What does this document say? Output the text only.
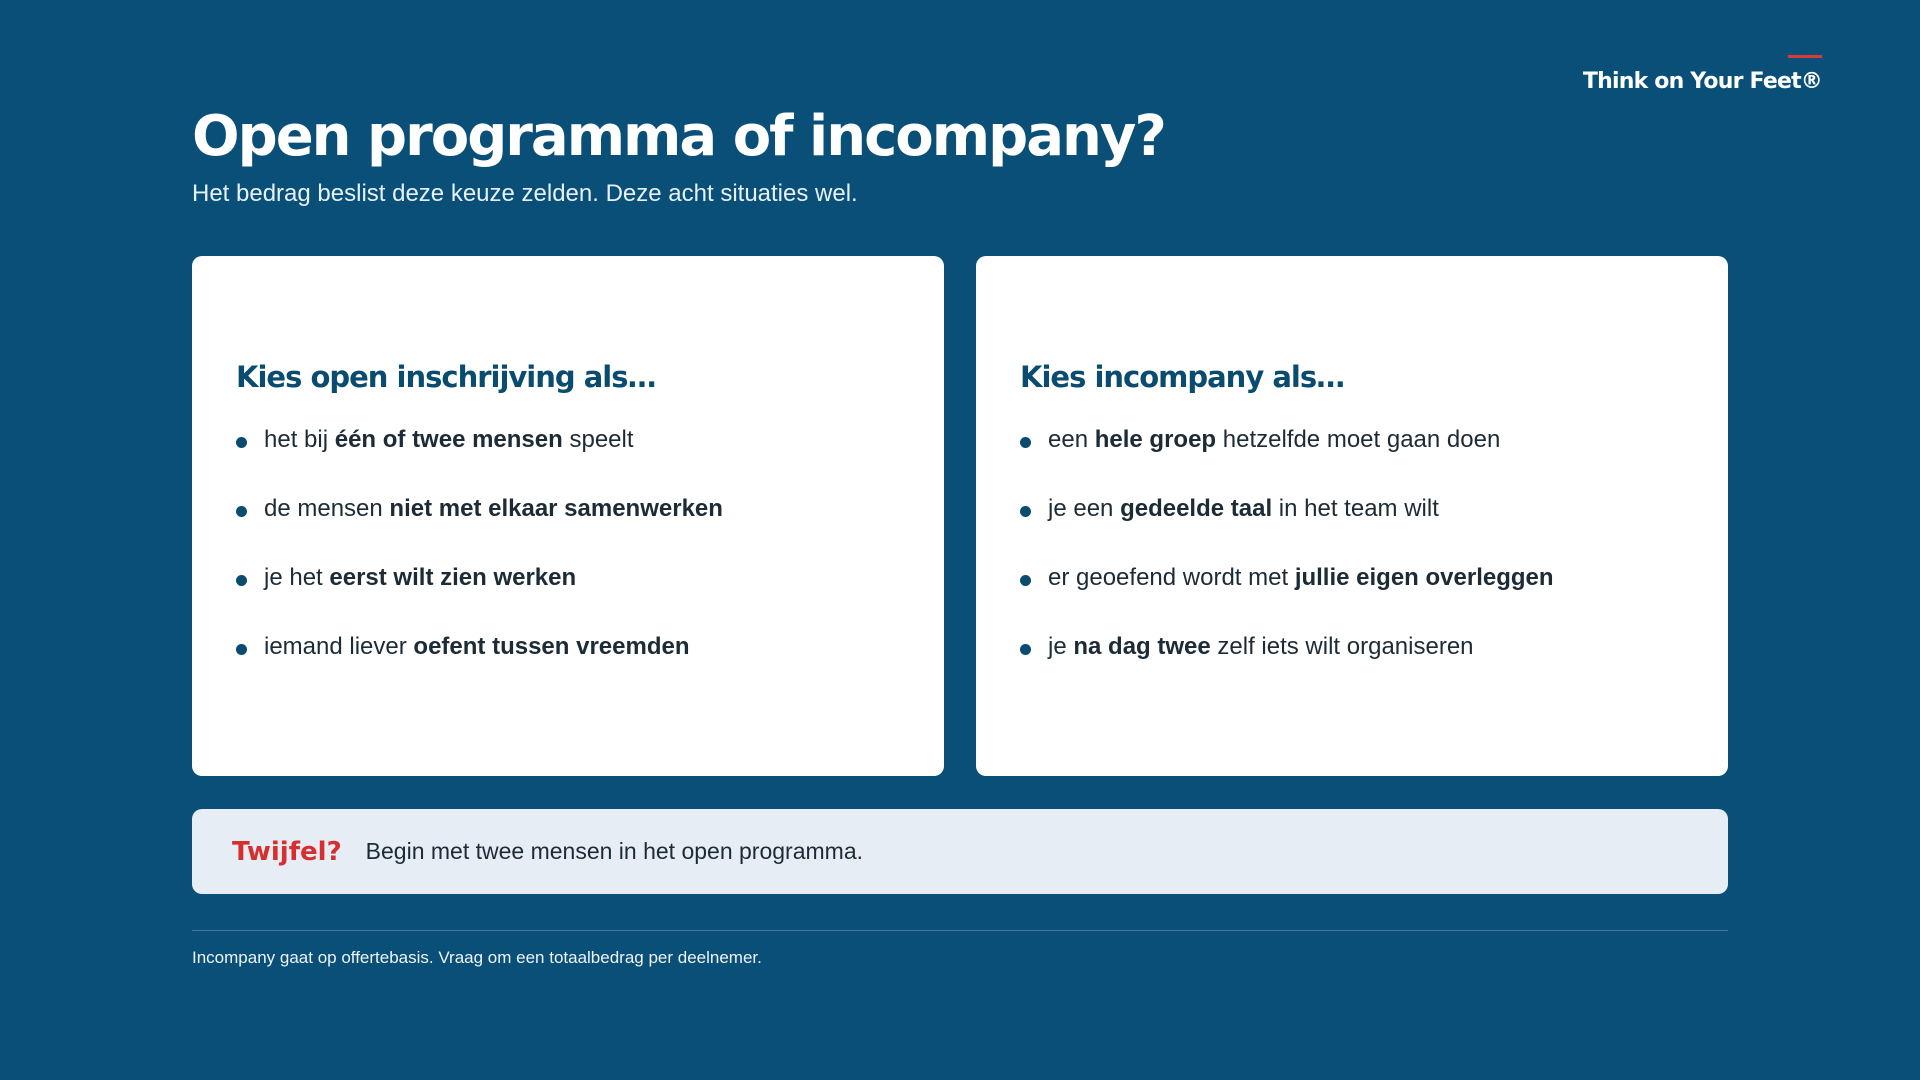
Think on Your Feet®
Open programma of incompany?

Het bedrag beslist deze keuze zelden. Deze acht situaties wel.

Kies open inschrijving als…
het bij één of twee mensen speelt
de mensen niet met elkaar samenwerken
je het eerst wilt zien werken
iemand liever oefent tussen vreemden
Kies incompany als…
een hele groep hetzelfde moet gaan doen
je een gedeelde taal in het team wilt
er geoefend wordt met jullie eigen overleggen
je na dag twee zelf iets wilt organiseren
Twijfel? Begin met twee mensen in het open programma.

Incompany gaat op offertebasis. Vraag om een totaalbedrag per deelnemer.
